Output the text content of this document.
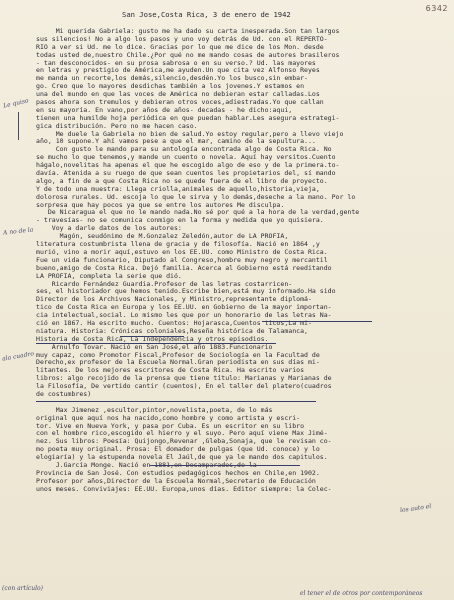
6342
San Jose,Costa Rica, 3 de enero de 1942
Mi querida Gabriela: gusto me ha dado su carta inesperada.Son tan largos
sus silencios! No a algo los pasos y uno voy detrás de Ud. con el REPERTO-
RIO a ver si Ud. me lo dice. Gracias por lo que me dice de los Mon. desde
todas usted de,nuestro Chile.¿Por qué no me mando cosas de autores brasileros
- tan desconocidos- en su prosa sabrosa o en su verso.? Ud. las mayores
en letras y prestigio de América,me ayuden.Un que cita vez Alfonso Reyes
me manda un recorte,los demás,silencio,desdén.Yo los busco,sin embar-
go. Creo que lo mayores desdichas también a los jovenes.Y estamos en
una del mundo en que las voces de América no debieran estar calladas.Los
pasos ahora son tremulos y debieran otros voces,adiestradas.Yo que callan
en su mayoría. En vano,por años de años- decadas - he dicho:aqui,
tienen una humilde hoja periódica en que puedan hablar.Les asegura estrategi-
gica distribución. Pero no me hacen caso.
Me duele la Gabriela no bien de salud.Yo estoy regular,pero a llevo viejo
año, 10 supone.Y ahí vamos pese a que el mar, camino de la sepultura...
Con gusto le mando para su antología encontrada algo de Costa Rica. No
se mucho lo que tenemos,y mande un cuento o novela. Aquí hay versitos.Cuento
hágalo,novelitas ha apenas el que he escogido algo de eso y de la primera.to-
davía. Atenida a su ruego de que sean cuentos les propietarios del, sí mando
algo, a fin de a que Costa Rica no se quede fuera de el libro de proyecto.
Y de todo una muestra: Llega criolla,animales de aquello,historia,vieja,
dolorosa rurales. Ud. escoja lo que le sirva y lo demás,deseche a la mano. Por lo
sorpresa que hay pocos ya que se entre los autores Me disculpa.
De Nicaragua el que no le mando nada.No sé por qué a la hora de la verdad,gente
- travesías- no se comunica conmigo en la forma y medida que yo quisiera.
Voy a darle datos de los autores:
Magón, seudónimo de M.Gonzalez Zeledón,autor de LA PROFIA,
literatura costumbrista llena de gracia y de filosofía. Nació en 1864 ,y
murió, vino a morir aquí,estuvo en los EE.UU. como Ministro de Costa Rica.
Fue un vida funcionario, Diputado al Congreso,hombre muy negro y mercantil
bueno,amigo de Costa Rica. Dejó familia. Acerca al Gobierno está reeditando
LA PROFIA, completa la serie que dió.
Ricardo Fernández Guardia.Profesor de las letras costarricen-
ses, el historiador que hemos tenido.Escribe bien,está muy informado.Ha sido
Director de los Archivos Nacionales, y Ministro,representante diplomá-
tico de Costa Rica en Europa y los EE.UU. en Gobierno de la mayor importan-
cia intelectual,social. Lo mismo les que por un honorario de las letras Na-
ció en 1867. Ha escrito mucho. Cuentos: Hojarasca,Cuentos ticos,La mi-
niatura. Historia: Crónicas coloniales,Reseña histórica de Talamanca,
Historia de Costa Rica, La Independencia y otros episodios.
Arnulfo Tovar. Nació en San José,el año 1883.Funcionario
muy capaz, como Promotor Fiscal,Profesor de Sociología en la Facultad de
Derecho,ex profesor de la Escuela Normal.Gran periodista en sus días mi-
litantes. De los mejores escritores de Costa Rica. Ha escrito varios
libros: algo recojido de la prensa que tiene título: Marianas y Marianas de
la Filosofía, De vertido cantir (cuentos), En el taller del platero(cuadros
de costumbres)
Max Jimenez ,escultor,pintor,novelista,poeta, de lo más
original que aquí nos ha nacido,como hombre y como artista y escri-
tor. Vive en Nueva York, y pasa por Cuba. Es un escritor en su libro
con el hombre rico,escogido el hierro y el suyo. Pero aquí viene Max Jimé-
nez. Sus libros: Poesía: Quijongo,Revenar ,Gleba,Sonaja, que le revisan co-
mo poeta muy original. Prosa: El domador de pulgas (que Ud. conoce) y lo
elogiaría) y la estupenda novela El Jaúl,de que ya le mando dos capitulos.
J.García Monge. Nació en 1881,en Desamparados,de la
Provincia de San José. Con estudios pedagógicos hechos en Chile,en 1902.
Profesor por años,Director de la Escuela Normal,Secretario de Educación
unos meses. Conviviajes: EE.UU. Europa,unos días. Editor siempre: la Colec-
Le quiso
A no de la
ala cuadro
los auto el
(con artículo)
el tener el de otros por contemporáneos
